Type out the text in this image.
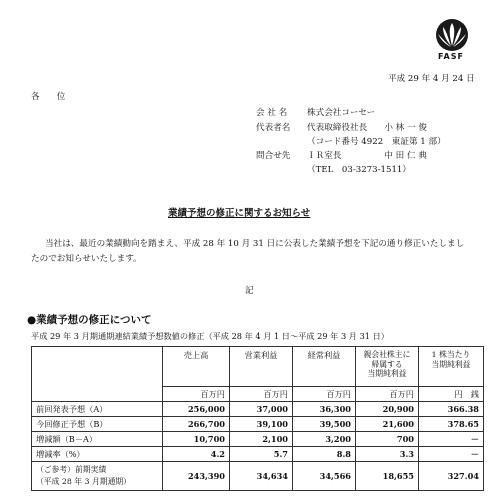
FASF
平成 29 年 4 月 24 日
各　　位
会 社 名 株式会社コーセー
代表者名 代表取締役社長　　小 林 一 俊
（コード番号 4922　東証第 1 部）
問合せ先 ＩＲ室長　　　　　中 田 仁 典
（TEL　03-3273-1511）
業績予想の修正に関するお知らせ
当社は、最近の業績動向を踏まえ、平成 28 年 10 月 31 日に公表した業績予想を下記の通り修正いたしまし
たのでお知らせいたします。
記
●業績予想の修正について
平成 29 年 3 月期通期連結業績予想数値の修正（平成 28 年 4 月 1 日～平成 29 年 3 月 31 日）
	売上高	営業利益	経常利益	親会社株主に
帰属する
当期純利益	1 株当たり
当期純利益
	百万円	百万円	百万円	百万円	円　銭
前回発表予想（A）	256,000	37,000	36,300	20,900	366.38
今回修正予想（B）	266,700	39,100	39,500	21,600	378.65
増減額（B－A）	10,700	2,100	3,200	700	－
増減率（%）	4.2	5.7	8.8	3.3	－
（ご参考）前期実績
（平成 28 年 3 月期通期）	243,390	34,634	34,566	18,655	327.04
